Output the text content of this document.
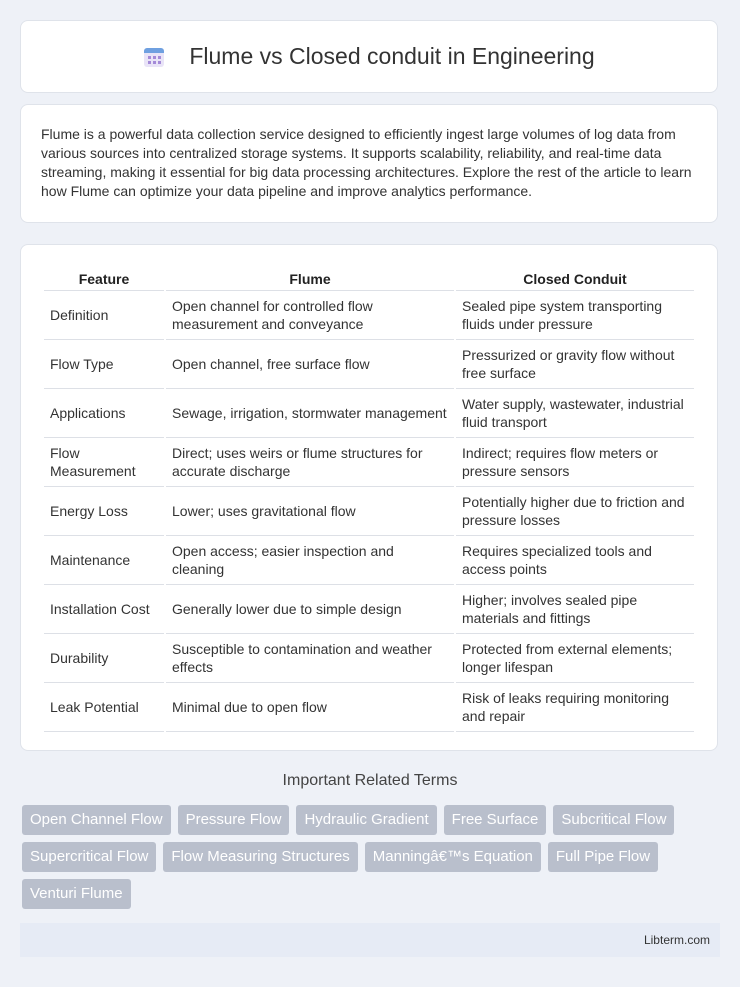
Flume vs Closed conduit in Engineering

Flume is a powerful data collection service designed to efficiently ingest large volumes of log data from various sources into centralized storage systems. It supports scalability, reliability, and real-time data streaming, making it essential for big data processing architectures. Explore the rest of the article to learn how Flume can optimize your data pipeline and improve analytics performance.

Feature	Flume	Closed Conduit
Definition	Open channel for controlled flow measurement and conveyance	Sealed pipe system transporting fluids under pressure
Flow Type	Open channel, free surface flow	Pressurized or gravity flow without free surface
Applications	Sewage, irrigation, stormwater management	Water supply, wastewater, industrial fluid transport
Flow Measurement	Direct; uses weirs or flume structures for accurate discharge	Indirect; requires flow meters or pressure sensors
Energy Loss	Lower; uses gravitational flow	Potentially higher due to friction and pressure losses
Maintenance	Open access; easier inspection and cleaning	Requires specialized tools and access points
Installation Cost	Generally lower due to simple design	Higher; involves sealed pipe materials and fittings
Durability	Susceptible to contamination and weather effects	Protected from external elements; longer lifespan
Leak Potential	Minimal due to open flow	Risk of leaks requiring monitoring and repair
Important Related Terms
Open Channel Flow	Pressure Flow	Hydraulic Gradient	Free Surface	Subcritical Flow
Supercritical Flow	Flow Measuring Structures	Manningâ€™s Equation	Full Pipe Flow
Venturi Flume
Libterm.com
